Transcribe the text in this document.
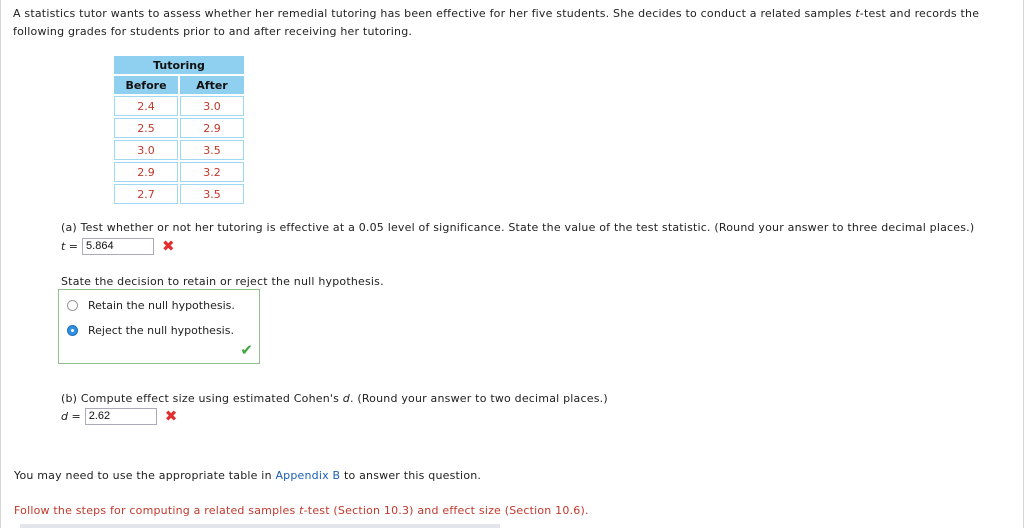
A statistics tutor wants to assess whether her remedial tutoring has been effective for her five students. She decides to conduct a related samples t-test and records the following grades for students prior to and after receiving her tutoring.
Tutoring	
Before	After
2.4	3.0
2.5	2.9
3.0	3.5
2.9	3.2
2.7	3.5
(a) Test whether or not her tutoring is effective at a 0.05 level of significance. State the value of the test statistic. (Round your answer to three decimal places.)
t = 5.864	✖
State the decision to retain or reject the null hypothesis.
Retain the null hypothesis.
Reject the null hypothesis.
✔
(b) Compute effect size using estimated Cohen's d. (Round your answer to two decimal places.)
d = 2.62	✖
You may need to use the appropriate table in Appendix B to answer this question.
Follow the steps for computing a related samples t-test (Section 10.3) and effect size (Section 10.6).
